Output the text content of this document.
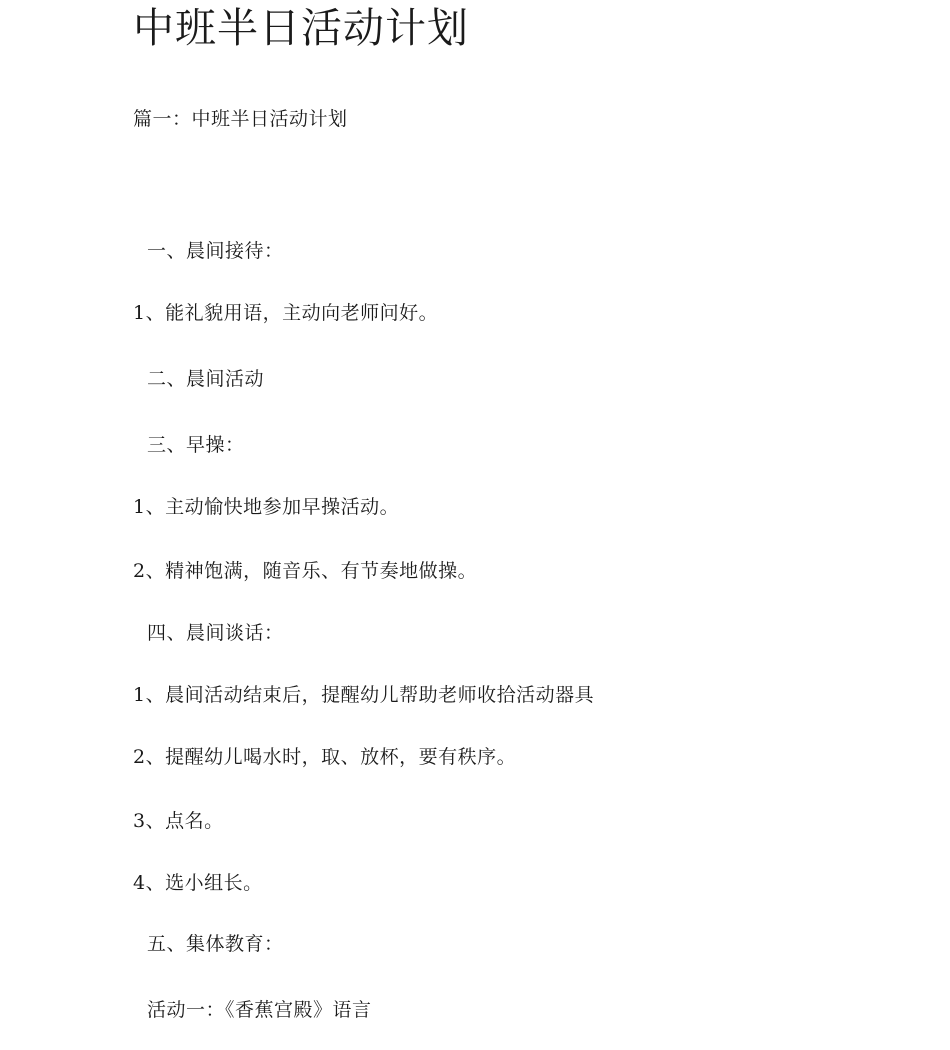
中班半日活动计划
篇一：中班半日活动计划
一、晨间接待：
1、能礼貌用语，主动向老师问好。
二、晨间活动
三、早操：
1、主动愉快地参加早操活动。
2、精神饱满，随音乐、有节奏地做操。
四、晨间谈话：
1、晨间活动结束后，提醒幼儿帮助老师收拾活动器具
2、提醒幼儿喝水时，取、放杯，要有秩序。
3、点名。
4、选小组长。
五、集体教育：
活动一：《香蕉宫殿》语言
